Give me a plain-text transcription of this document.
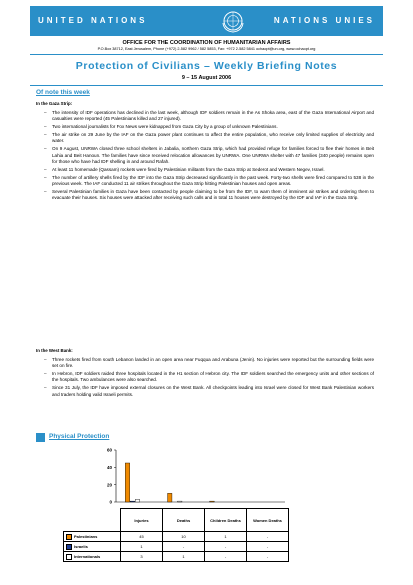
UNITED NATIONS	NATIONS UNIES
OFFICE FOR THE COORDINATION OF HUMANITARIAN AFFAIRS
P.O.Box 38712, East Jerusalem, Phone (+972) 2-582 9962 / 582 5853, Fax: +972 2-582 5841 ochaopt@un.org, www.ochaopt.org
Protection of Civilians – Weekly Briefing Notes
9 – 15 August 2006
Of note this week
In the Gaza Strip:
– The intensity of IDF operations has declined in the last week, although IDF soldiers remain in the As Shoka area, east of the Gaza International Airport and casualties were reported (45 Palestinians killed and 27 injured).
– Two international journalists for Fox News were kidnapped from Gaza City by a group of unknown Palestinians.
– The air strike on 29 June by the IAF on the Gaza power plant continues to affect the entire population, who receive only limited supplies of electricity and water.
– On 9 August, UNRWA closed three school shelters in Jabalia, northern Gaza Strip, which had provided refuge for families forced to flee their homes in Beit Lahia and Beit Hanoun. The families have since received relocation allowances by UNRWA. One UNRWA shelter with 47 families (340 people) remains open for those who have had IDF shelling in and around Rafah.
– At least 11 homemade (Qassam) rockets were fired by Palestinian militants from the Gaza Strip at Sederot and Western Negev, Israel.
– The number of artillery shells fired by the IDF into the Gaza Strip decreased significantly in the past week. Forty-two shells were fired compared to 538 in the previous week. The IAF conducted 11 air strikes throughout the Gaza Strip hitting Palestinian houses and open areas.
– Several Palestinian families in Gaza have been contacted by people claiming to be from the IDF, to warn them of imminent air strikes and ordering them to evacuate their houses. Six houses were attacked after receiving such calls and in total 11 houses were destroyed by the IDF and IAF in the Gaza Strip.
In the West Bank:
– Three rockets fired from south Lebanon landed in an open area near Fuqqua and Arabuna (Jenin). No injuries were reported but the surrounding fields were set on fire.
– In Hebron, IDF soldiers raided three hospitals located in the H1 section of Hebron city. The IDF soldiers searched the emergency units and other sections of the hospitals. Two ambulances were also searched.
– Since 31 July, the IDF have imposed external closures on the West Bank. All checkpoints leading into Israel were closed for West Bank Palestinian workers and traders holding valid Israeli permits.
Physical Protection
0
20
40
60
	Injuries	Deaths	Children Deaths	Women Deaths
Palestinians	45	10	1	-
Israelis	1	-	-	-
Internationals	3	1	-	-
